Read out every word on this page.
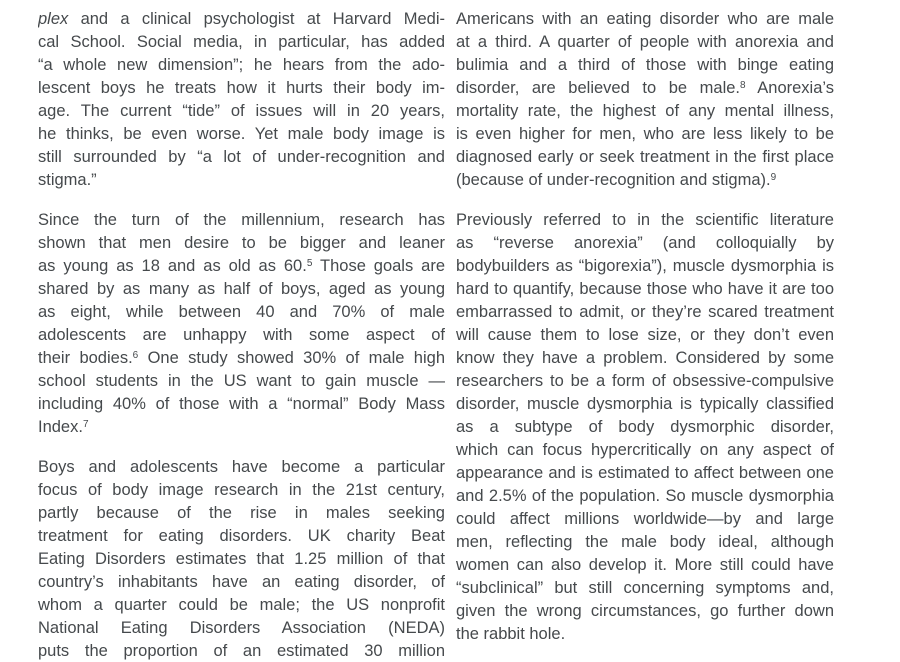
plex and a clinical psychologist at Harvard Medi-
cal School. Social media, in particular, has added
“a whole new dimension”; he hears from the ado-
lescent boys he treats how it hurts their body im-
age. The current “tide” of issues will in 20 years,
he thinks, be even worse. Yet male body image is
still surrounded by “a lot of under-recognition and
stigma.”
Since the turn of the millennium, research has
shown that men desire to be bigger and leaner
as young as 18 and as old as 60.$^5$ Those goals are
shared by as many as half of boys, aged as young
as eight, while between 40 and 70% of male
adolescents are unhappy with some aspect of
their bodies.$^6$ One study showed 30% of male high
school students in the US want to gain muscle —
including 40% of those with a “normal” Body Mass
Index.$^7$
Boys and adolescents have become a particular
focus of body image research in the 21st century,
partly because of the rise in males seeking
treatment for eating disorders. UK charity Beat
Eating Disorders estimates that 1.25 million of that
country’s inhabitants have an eating disorder, of
whom a quarter could be male; the US nonprofit
National Eating Disorders Association (NEDA)
puts the proportion of an estimated 30 million
Americans with an eating disorder who are male
at a third. A quarter of people with anorexia and
bulimia and a third of those with binge eating
disorder, are believed to be male.$^8$ Anorexia’s
mortality rate, the highest of any mental illness,
is even higher for men, who are less likely to be
diagnosed early or seek treatment in the first place
(because of under-recognition and stigma).$^9$
Previously referred to in the scientific literature
as “reverse anorexia” (and colloquially by
bodybuilders as “bigorexia”), muscle dysmorphia is
hard to quantify, because those who have it are too
embarrassed to admit, or they’re scared treatment
will cause them to lose size, or they don’t even
know they have a problem. Considered by some
researchers to be a form of obsessive-compulsive
disorder, muscle dysmorphia is typically classified
as a subtype of body dysmorphic disorder,
which can focus hypercritically on any aspect of
appearance and is estimated to affect between one
and 2.5% of the population. So muscle dysmorphia
could affect millions worldwide—by and large
men, reflecting the male body ideal, although
women can also develop it. More still could have
“subclinical” but still concerning symptoms and,
given the wrong circumstances, go further down
the rabbit hole.
